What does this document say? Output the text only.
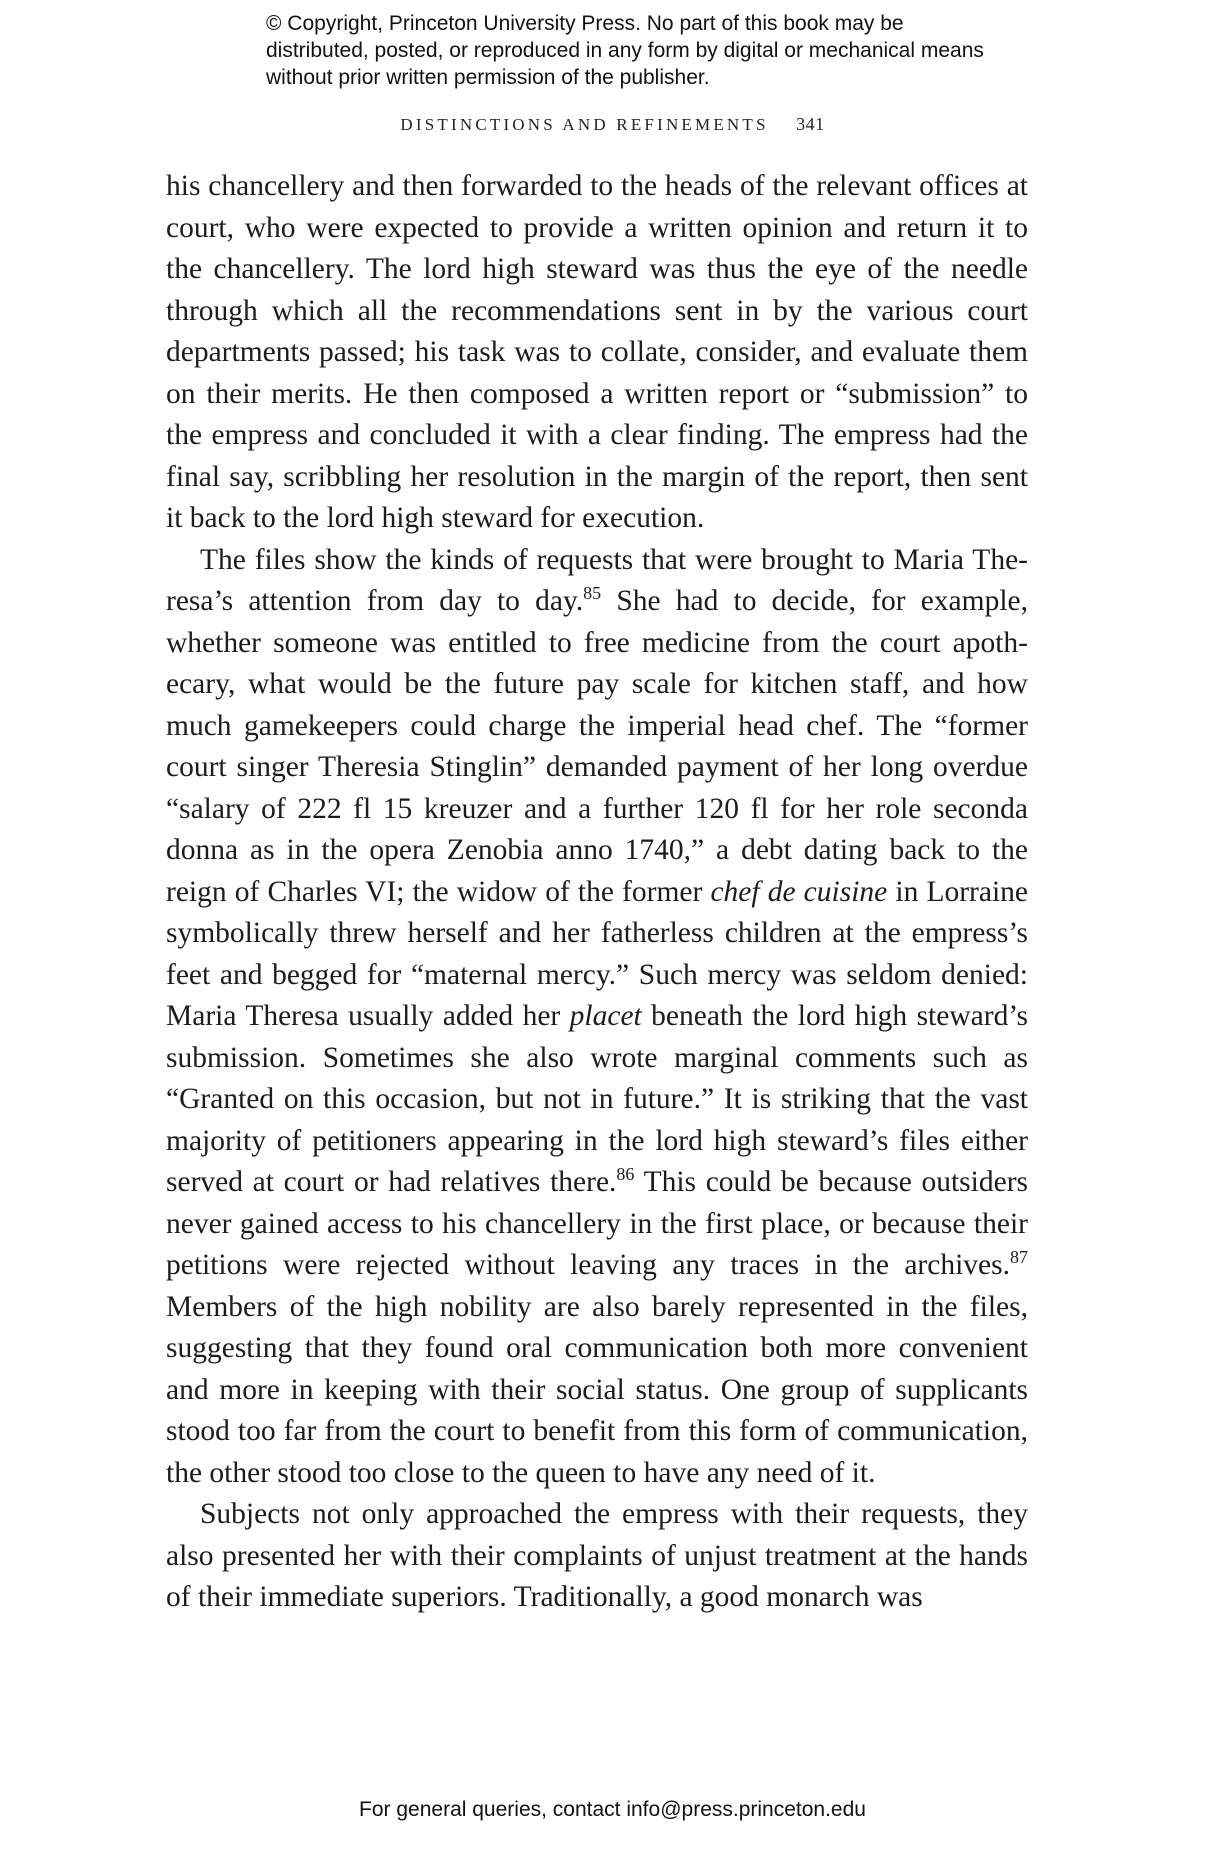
© Copyright, Princeton University Press. No part of this book may be distributed, posted, or reproduced in any form by digital or mechanical means without prior written permission of the publisher.
DISTINCTIONS AND REFINEMENTS 341

his chancellery and then forwarded to the heads of the relevant offices at court, who were expected to provide a written opinion and return it to the chancellery. The lord high steward was thus the eye of the needle through which all the recommendations sent in by the various court departments passed; his task was to collate, consider, and evaluate them on their merits. He then composed a written report or “submission” to the empress and concluded it with a clear finding. The empress had the final say, scribbling her resolution in the margin of the report, then sent it back to the lord high steward for execution.

The files show the kinds of requests that were brought to Maria Theresa’s attention from day to day.$^{85}$ She had to decide, for example, whether someone was entitled to free medicine from the court apothecary, what would be the future pay scale for kitchen staff, and how much gamekeepers could charge the imperial head chef. The “former court singer Theresia Stinglin” demanded payment of her long overdue “salary of 222 fl 15 kreuzer and a further 120 fl for her role seconda donna as in the opera Zenobia anno 1740,” a debt dating back to the reign of Charles VI; the widow of the former chef de cuisine in Lorraine symbolically threw herself and her fatherless children at the empress’s feet and begged for “maternal mercy.” Such mercy was seldom denied: Maria Theresa usually added her placet beneath the lord high steward’s submission. Sometimes she also wrote marginal comments such as “Granted on this occasion, but not in future.” It is striking that the vast majority of petitioners appearing in the lord high steward’s files either served at court or had relatives there.$^{86}$ This could be because outsiders never gained access to his chancellery in the first place, or because their petitions were rejected without leaving any traces in the archives.$^{87}$ Members of the high nobility are also barely represented in the files, suggesting that they found oral communication both more convenient and more in keeping with their social status. One group of supplicants stood too far from the court to benefit from this form of communication, the other stood too close to the queen to have any need of it.

Subjects not only approached the empress with their requests, they also presented her with their complaints of unjust treatment at the hands of their immediate superiors. Traditionally, a good monarch was

For general queries, contact info@press.princeton.edu
